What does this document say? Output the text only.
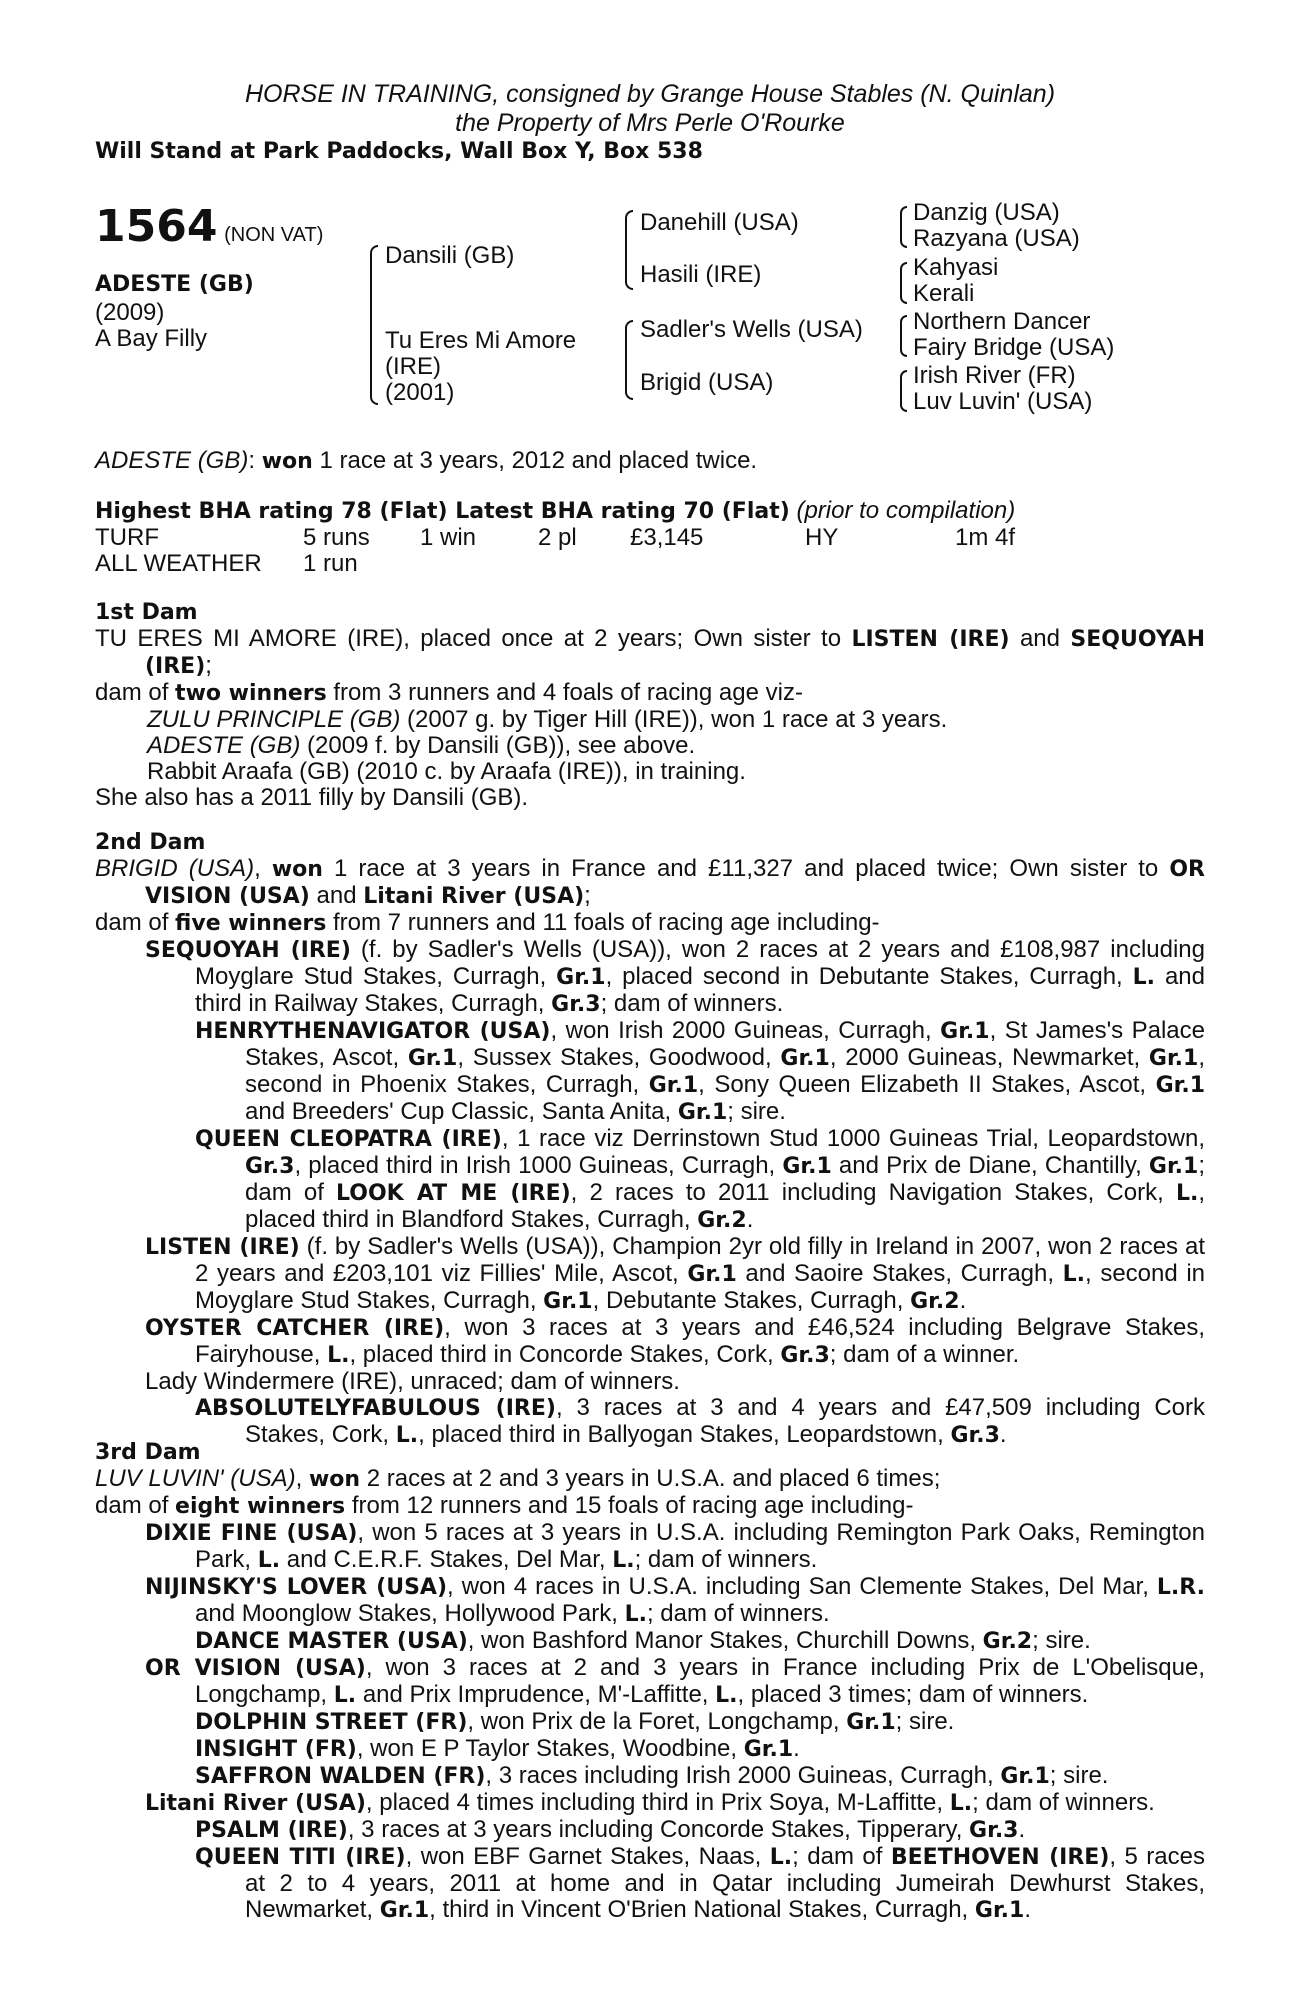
HORSE IN TRAINING, consigned by Grange House Stables (N. Quinlan)
the Property of Mrs Perle O'Rourke
Will Stand at Park Paddocks, Wall Box Y, Box 538
1564 (NON VAT)
ADESTE (GB)
(2009)
A Bay Filly
Dansili (GB)
Tu Eres Mi Amore
(IRE)
(2001)
Danehill (USA)
Hasili (IRE)
Sadler's Wells (USA)
Brigid (USA)
Danzig (USA)
Razyana (USA)
Kahyasi
Kerali
Northern Dancer
Fairy Bridge (USA)
Irish River (FR)
Luv Luvin' (USA)

ADESTE (GB): won 1 race at 3 years, 2012 and placed twice.

Highest BHA rating 78 (Flat) Latest BHA rating 70 (Flat) (prior to compilation)

TURF	5 runs	1 win	2 pl	£3,145	HY	1m 4f
ALL WEATHER	1 run					

1st Dam

TU ERES MI AMORE (IRE), placed once at 2 years; Own sister to LISTEN (IRE) and SEQUOYAH (IRE);

dam of two winners from 3 runners and 4 foals of racing age viz-

ZULU PRINCIPLE (GB) (2007 g. by Tiger Hill (IRE)), won 1 race at 3 years.

ADESTE (GB) (2009 f. by Dansili (GB)), see above.

Rabbit Araafa (GB) (2010 c. by Araafa (IRE)), in training.

She also has a 2011 filly by Dansili (GB).

2nd Dam

BRIGID (USA), won 1 race at 3 years in France and £11,327 and placed twice; Own sister to OR VISION (USA) and Litani River (USA);

dam of five winners from 7 runners and 11 foals of racing age including-

SEQUOYAH (IRE) (f. by Sadler's Wells (USA)), won 2 races at 2 years and £108,987 including Moyglare Stud Stakes, Curragh, Gr.1, placed second in Debutante Stakes, Curragh, L. and third in Railway Stakes, Curragh, Gr.3; dam of winners.

HENRYTHENAVIGATOR (USA), won Irish 2000 Guineas, Curragh, Gr.1, St James's Palace Stakes, Ascot, Gr.1, Sussex Stakes, Goodwood, Gr.1, 2000 Guineas, Newmarket, Gr.1, second in Phoenix Stakes, Curragh, Gr.1, Sony Queen Elizabeth II Stakes, Ascot, Gr.1 and Breeders' Cup Classic, Santa Anita, Gr.1; sire.

QUEEN CLEOPATRA (IRE), 1 race viz Derrinstown Stud 1000 Guineas Trial, Leopardstown, Gr.3, placed third in Irish 1000 Guineas, Curragh, Gr.1 and Prix de Diane, Chantilly, Gr.1; dam of LOOK AT ME (IRE), 2 races to 2011 including Navigation Stakes, Cork, L., placed third in Blandford Stakes, Curragh, Gr.2.

LISTEN (IRE) (f. by Sadler's Wells (USA)), Champion 2yr old filly in Ireland in 2007, won 2 races at 2 years and £203,101 viz Fillies' Mile, Ascot, Gr.1 and Saoire Stakes, Curragh, L., second in Moyglare Stud Stakes, Curragh, Gr.1, Debutante Stakes, Curragh, Gr.2.

OYSTER CATCHER (IRE), won 3 races at 3 years and £46,524 including Belgrave Stakes, Fairyhouse, L., placed third in Concorde Stakes, Cork, Gr.3; dam of a winner.

Lady Windermere (IRE), unraced; dam of winners.

ABSOLUTELYFABULOUS (IRE), 3 races at 3 and 4 years and £47,509 including Cork Stakes, Cork, L., placed third in Ballyogan Stakes, Leopardstown, Gr.3.

3rd Dam

LUV LUVIN' (USA), won 2 races at 2 and 3 years in U.S.A. and placed 6 times;

dam of eight winners from 12 runners and 15 foals of racing age including-

DIXIE FINE (USA), won 5 races at 3 years in U.S.A. including Remington Park Oaks, Remington Park, L. and C.E.R.F. Stakes, Del Mar, L.; dam of winners.

NIJINSKY'S LOVER (USA), won 4 races in U.S.A. including San Clemente Stakes, Del Mar, L.R. and Moonglow Stakes, Hollywood Park, L.; dam of winners.

DANCE MASTER (USA), won Bashford Manor Stakes, Churchill Downs, Gr.2; sire.

OR VISION (USA), won 3 races at 2 and 3 years in France including Prix de L'Obelisque, Longchamp, L. and Prix Imprudence, M'-Laffitte, L., placed 3 times; dam of winners.

DOLPHIN STREET (FR), won Prix de la Foret, Longchamp, Gr.1; sire.

INSIGHT (FR), won E P Taylor Stakes, Woodbine, Gr.1.

SAFFRON WALDEN (FR), 3 races including Irish 2000 Guineas, Curragh, Gr.1; sire.

Litani River (USA), placed 4 times including third in Prix Soya, M-Laffitte, L.; dam of winners.

PSALM (IRE), 3 races at 3 years including Concorde Stakes, Tipperary, Gr.3.

QUEEN TITI (IRE), won EBF Garnet Stakes, Naas, L.; dam of BEETHOVEN (IRE), 5 races at 2 to 4 years, 2011 at home and in Qatar including Jumeirah Dewhurst Stakes, Newmarket, Gr.1, third in Vincent O'Brien National Stakes, Curragh, Gr.1.
